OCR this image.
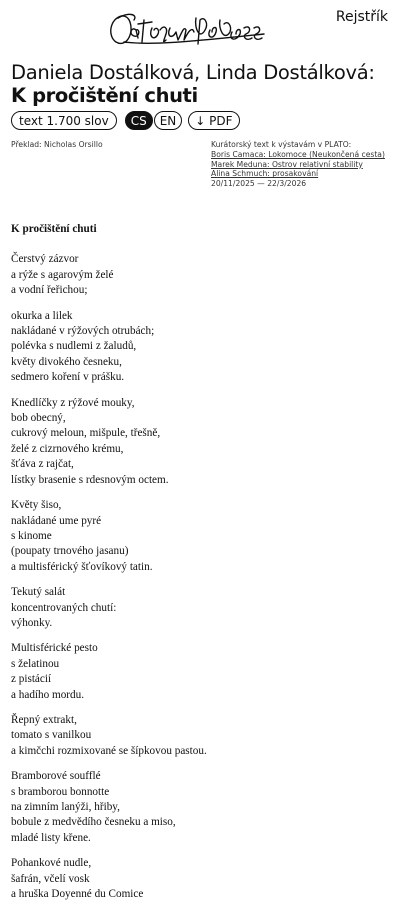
Rejstřík
Daniela Dostálková, Linda Dostálková:
K pročištění chuti
text 1.700 slov	CS	EN	↓ PDF
Překlad: Nicholas Orsillo	Kurátorský text k výstavám v PLATO:
Boris Camaca: Lokomoce (Neukončená cesta)
Marek Meduna: Ostrov relativní stability
Alina Schmuch: prosakování
20/11/2025 — 22/3/2026
K pročištění chuti
Čerstvý zázvor
a rýže s agarovým želé
a vodní řeřichou;
okurka a lilek
nakládané v rýžových otrubách;
polévka s nudlemi z žaludů,
květy divokého česneku,
sedmero koření v prášku.
Knedlíčky z rýžové mouky,
bob obecný,
cukrový meloun, mišpule, třešně,
želé z cizrnového krému,
šťáva z rajčat,
lístky brasenie s rdesnovým octem.
Květy šiso,
nakládané ume pyré
s kinome
(poupaty trnového jasanu)
a multisférický šťovíkový tatin.
Tekutý salát
koncentrovaných chutí:
výhonky.
Multisférické pesto
s želatinou
z pistácií
a hadího mordu.
Řepný extrakt,
tomato s vanilkou
a kimčchi rozmixované se šípkovou pastou.
Bramborové soufflé
s bramborou bonnotte
na zimním lanýži, hřiby,
bobule z medvědího česneku a miso,
mladé listy křene.
Pohankové nudle,
šafrán, včelí vosk
a hruška Doyenné du Comice
